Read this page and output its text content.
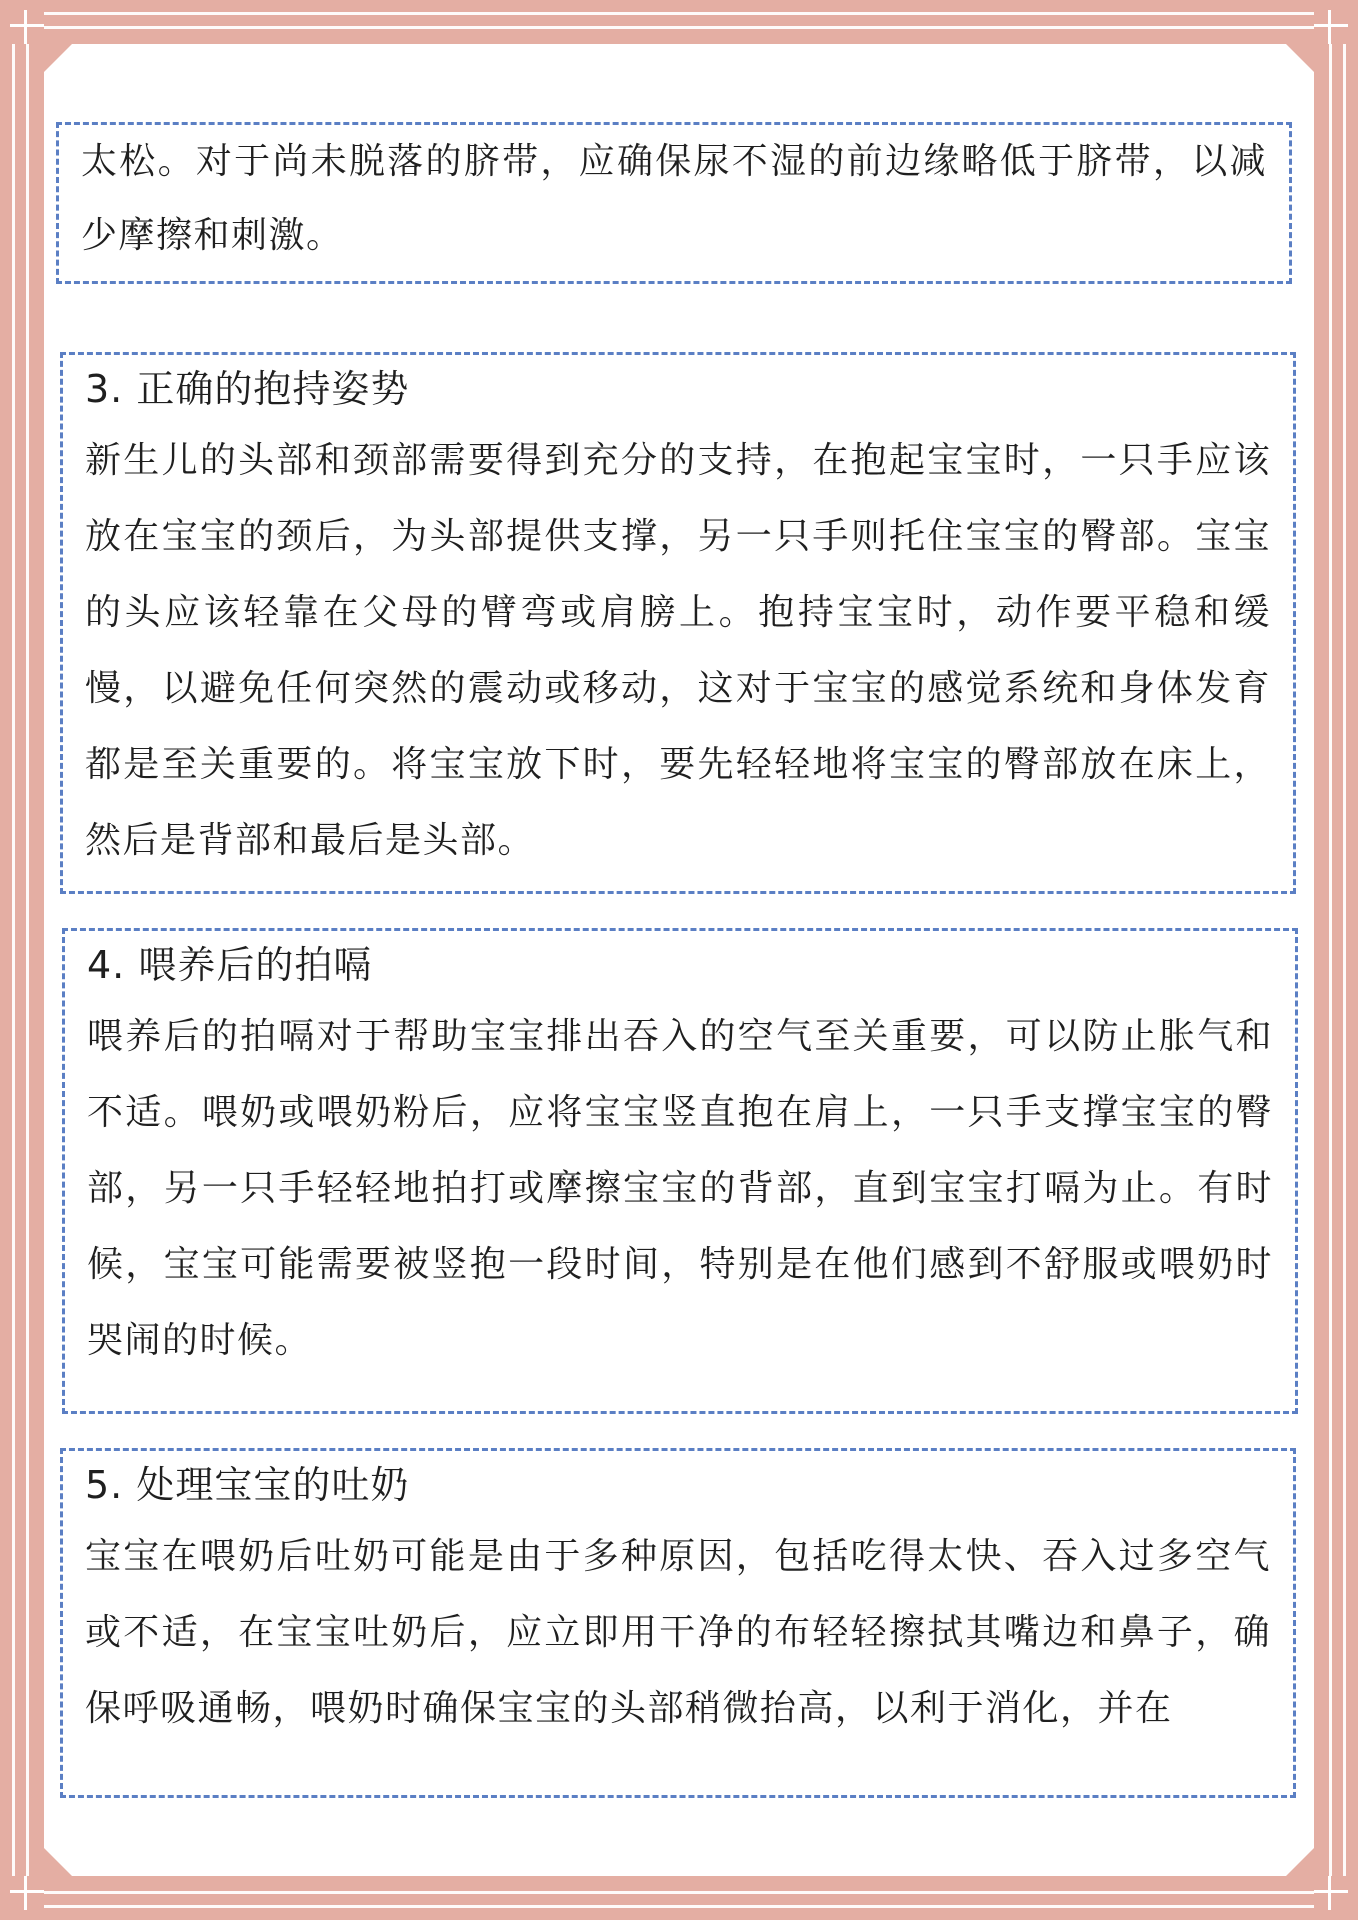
太松。对于尚未脱落的脐带，应确保尿不湿的前边缘略低于脐带，以减少摩擦和刺激。

3. 正确的抱持姿势

新生儿的头部和颈部需要得到充分的支持，在抱起宝宝时，一只手应该放在宝宝的颈后，为头部提供支撑，另一只手则托住宝宝的臀部。宝宝的头应该轻靠在父母的臂弯或肩膀上。抱持宝宝时，动作要平稳和缓慢，以避免任何突然的震动或移动，这对于宝宝的感觉系统和身体发育都是至关重要的。将宝宝放下时，要先轻轻地将宝宝的臀部放在床上，然后是背部和最后是头部。

4. 喂养后的拍嗝

喂养后的拍嗝对于帮助宝宝排出吞入的空气至关重要，可以防止胀气和不适。喂奶或喂奶粉后，应将宝宝竖直抱在肩上，一只手支撑宝宝的臀部，另一只手轻轻地拍打或摩擦宝宝的背部，直到宝宝打嗝为止。有时候，宝宝可能需要被竖抱一段时间，特别是在他们感到不舒服或喂奶时哭闹的时候。

5. 处理宝宝的吐奶

宝宝在喂奶后吐奶可能是由于多种原因，包括吃得太快、吞入过多空气或不适，在宝宝吐奶后，应立即用干净的布轻轻擦拭其嘴边和鼻子，确保呼吸通畅，喂奶时确保宝宝的头部稍微抬高，以利于消化，并在
